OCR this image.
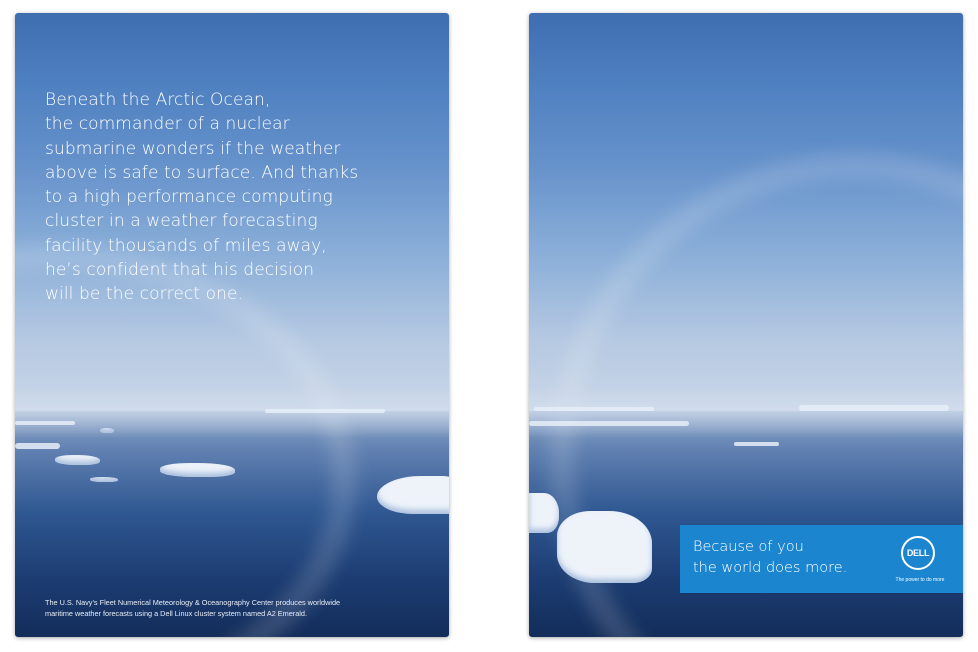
Beneath the Arctic Ocean,
the commander of a nuclear
submarine wonders if the weather
above is safe to surface. And thanks
to a high performance computing
cluster in a weather forecasting
facility thousands of miles away,
he’s confident that his decision
will be the correct one.

The U.S. Navy’s Fleet Numerical Meteorology & Oceanography Center produces worldwide
maritime weather forecasts using a Dell Linux cluster system named A2 Emerald.

Because of you
the world does more.

DELL
The power to do more
